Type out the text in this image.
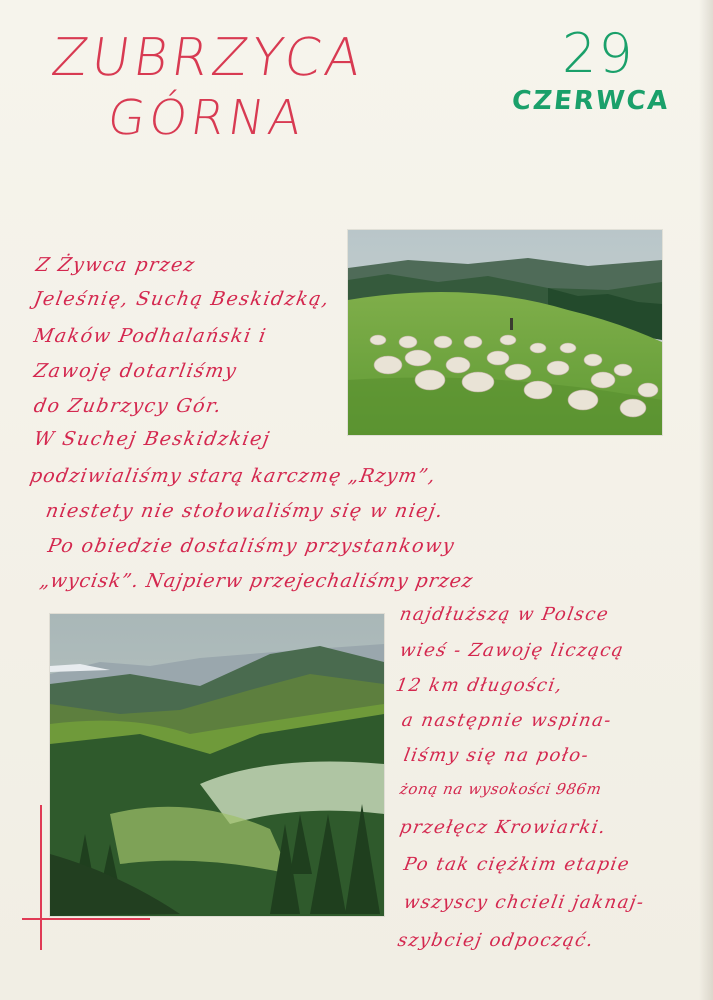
ZUBRZYCA
GÓRNA
29
CZERWCA
Z Żywca przez
Jeleśnię, Suchą Beskidzką,
Maków Podhalański i
Zawoję dotarliśmy
do Zubrzycy Gór.
W Suchej Beskidzkiej
podziwialiśmy starą karczmę „Rzym”,
niestety nie stołowaliśmy się w niej.
Po obiedzie dostaliśmy przystankowy
„wycisk”. Najpierw przejechaliśmy przez
najdłuższą w Polsce
wieś - Zawoję liczącą
12 km długości,
a następnie wspina-
liśmy się na poło-
żoną na wysokości 986m
przełęcz Krowiarki.
Po tak ciężkim etapie
wszyscy chcieli jaknaj-
szybciej odpocząć.
